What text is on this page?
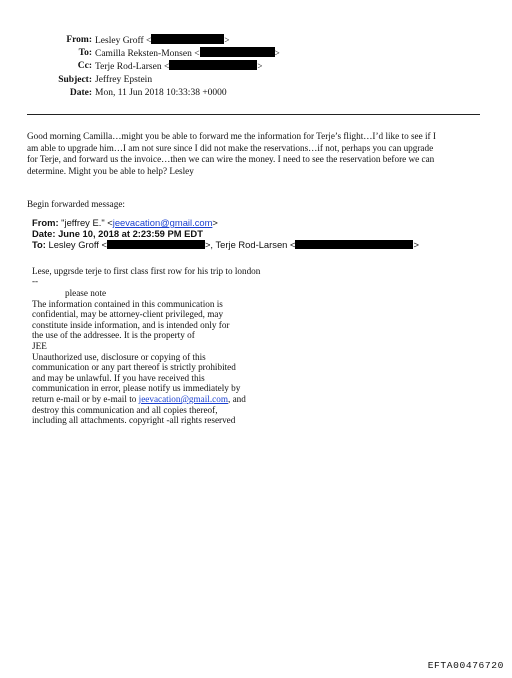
From: Lesley Groff <	>
To: Camilla Reksten-Monsen <	>
Cc: Terje Rod-Larsen <	>
Subject: Jeffrey Epstein
Date: Mon, 11 Jun 2018 10:33:38 +0000
Good morning Camilla…might you be able to forward me the information for Terje’s flight…I’d like to see if I
am able to upgrade him…I am not sure since I did not make the reservations…if not, perhaps you can upgrade
for Terje, and forward us the invoice…then we can wire the money. I need to see the reservation before we can
determine. Might you be able to help? Lesley
Begin forwarded message:
From: "jeffrey E." <jeevacation@gmail.com>
Date: June 10, 2018 at 2:23:59 PM EDT
To: Lesley Groff <	>, Terje Rod-Larsen <	>
Lese, upgrsde terje to first class first row for his trip to london
--
please note
The information contained in this communication is
confidential, may be attorney-client privileged, may
constitute inside information, and is intended only for
the use of the addressee. It is the property of
JEE
Unauthorized use, disclosure or copying of this
communication or any part thereof is strictly prohibited
and may be unlawful. If you have received this
communication in error, please notify us immediately by
return e-mail or by e-mail to jeevacation@gmail.com, and
destroy this communication and all copies thereof,
including all attachments. copyright -all rights reserved
EFTA00476720
